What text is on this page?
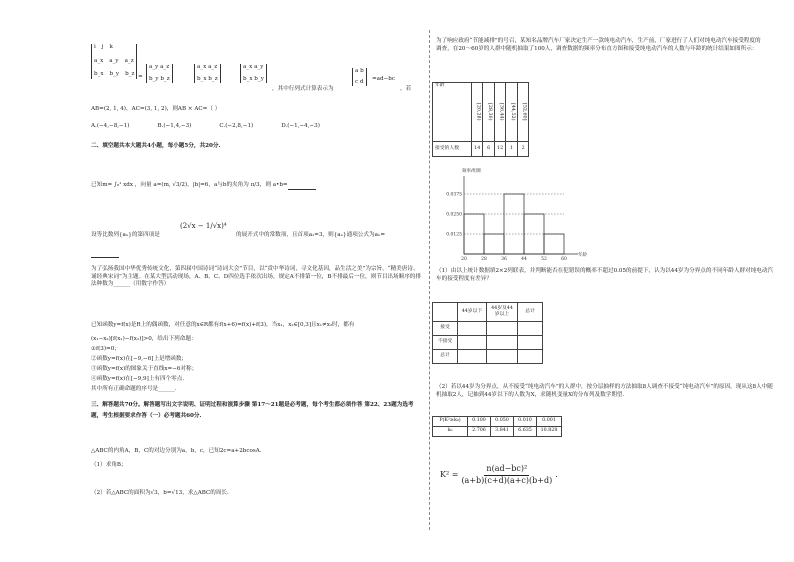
i j k
a_x a_y a_z
b_x b_y b_z =
a_y a_z
b_y b_z
a_x a_z
b_x b_z
a_x a_y
b_x b_y
，其中行列式计算表示为
a b
c d =ad−bc
，若
AB=(2, 1, 4)，AC=(3, 1, 2)，则AB × AC=（ ）
A.(−4,−8,−1)	B.(−1,4,−3)	C.(−2,8,−1)	D.(−1,−4,−3)
二、填空题共本大题共4小题，每小题5分，共20分.
已知m= ∫₀¹ xdx ，向量 a=(m, √3/2)，|b|=6，a与b的夹角为 π/3，则 a•b=
设等比数列{aₙ}的第四项是
(2√x − 1/√x)⁴
的展开式中的常数项，且首项a₁=3，则{aₙ}通项公式为aₙ=
为了弘扬我国中华优秀传统文化，第四届中国诗词“诗词大会”节目，以“赏中华诗词，寻文化基因，品生活之美”为宗旨，“精美唐诗、诵经典宋词”为主题。在某大型活动现场，A、B、C、D四位选手依次出场，规定A不排第一位，B不排最后一位，则节目出场顺序的排法种数为______（用数字作答）
已知函数y=f(x)是R上的偶函数，对任意的x∈R都有f(x+6)=f(x)+f(3)，当x₁，x₂∈[0,3]且x₁≠x₂时，都有
(x₁−x₂)[f(x₁)−f(x₂)]>0，给出下列命题：
①f(3)=0；
②函数y=f(x)在[−9,−6]上是增函数；
③函数y=f(x)的图象关于直线x=−6对称；
④函数y=f(x)在[−9,9]上有四个零点.
其中所有正确命题的序号是______.
三、解答题共70分。解答题写出文字说明、证明过程和演算步骤 第17～21题是必考题，每个考生都必须作答 第22、23题为选考题，考生根据要求作答（一）必考题共60分.
△ABC的内角A，B，C的对边分别为a，b，c，已知2c=a+2bcosA.
（1）求角B；
（2）若△ABC的面积为√3，b=√13，求△ABC的周长.
为了响应政府“节能减排”的号召，某知名品牌汽车厂家决定生产一款纯电动汽车，生产前，厂家进行了人们对纯电动汽车接受程度的调查，在20～60岁的人群中随机抽取了100人，调查数据的频率分布直方图和接受纯电动汽车的人数与年龄的统计结果如图所示：
年龄	[20,28)	[28,36)	[36,44)	[44,52)	[52,60]
接受的人数	14	6	12	1	2
频率/组距
年龄
0.0375
0.0250
0.0125
20	28	36	44	52	60
（1）由以上统计数据填2×2列联表，并判断能否在犯错误的概率不超过0.05的前提下，认为以44岁为分界点的不同年龄人群对纯电动汽车的接受程度有差异？
	44岁以下	44岁及44岁以上	总计
接受			
不接受			
总计			
（2）若以44岁为分界点，从不接受“纯电动汽车”的人群中，按分层抽样的方法抽取8人调查不接受“纯电动汽车”的原因，现从这8人中随机抽取2人，记抽到44岁以下的人数为X，求随机变量X的分布列及数学期望.
P(K²≥k₀)	0.100	0.050	0.010	0.001
k₀	2.706	3.841	6.635	10.828
$K^2 = \frac{\text{n(ad−bc)²}}{(a+b)(c+d)(a+c)(b+d)}$ .
